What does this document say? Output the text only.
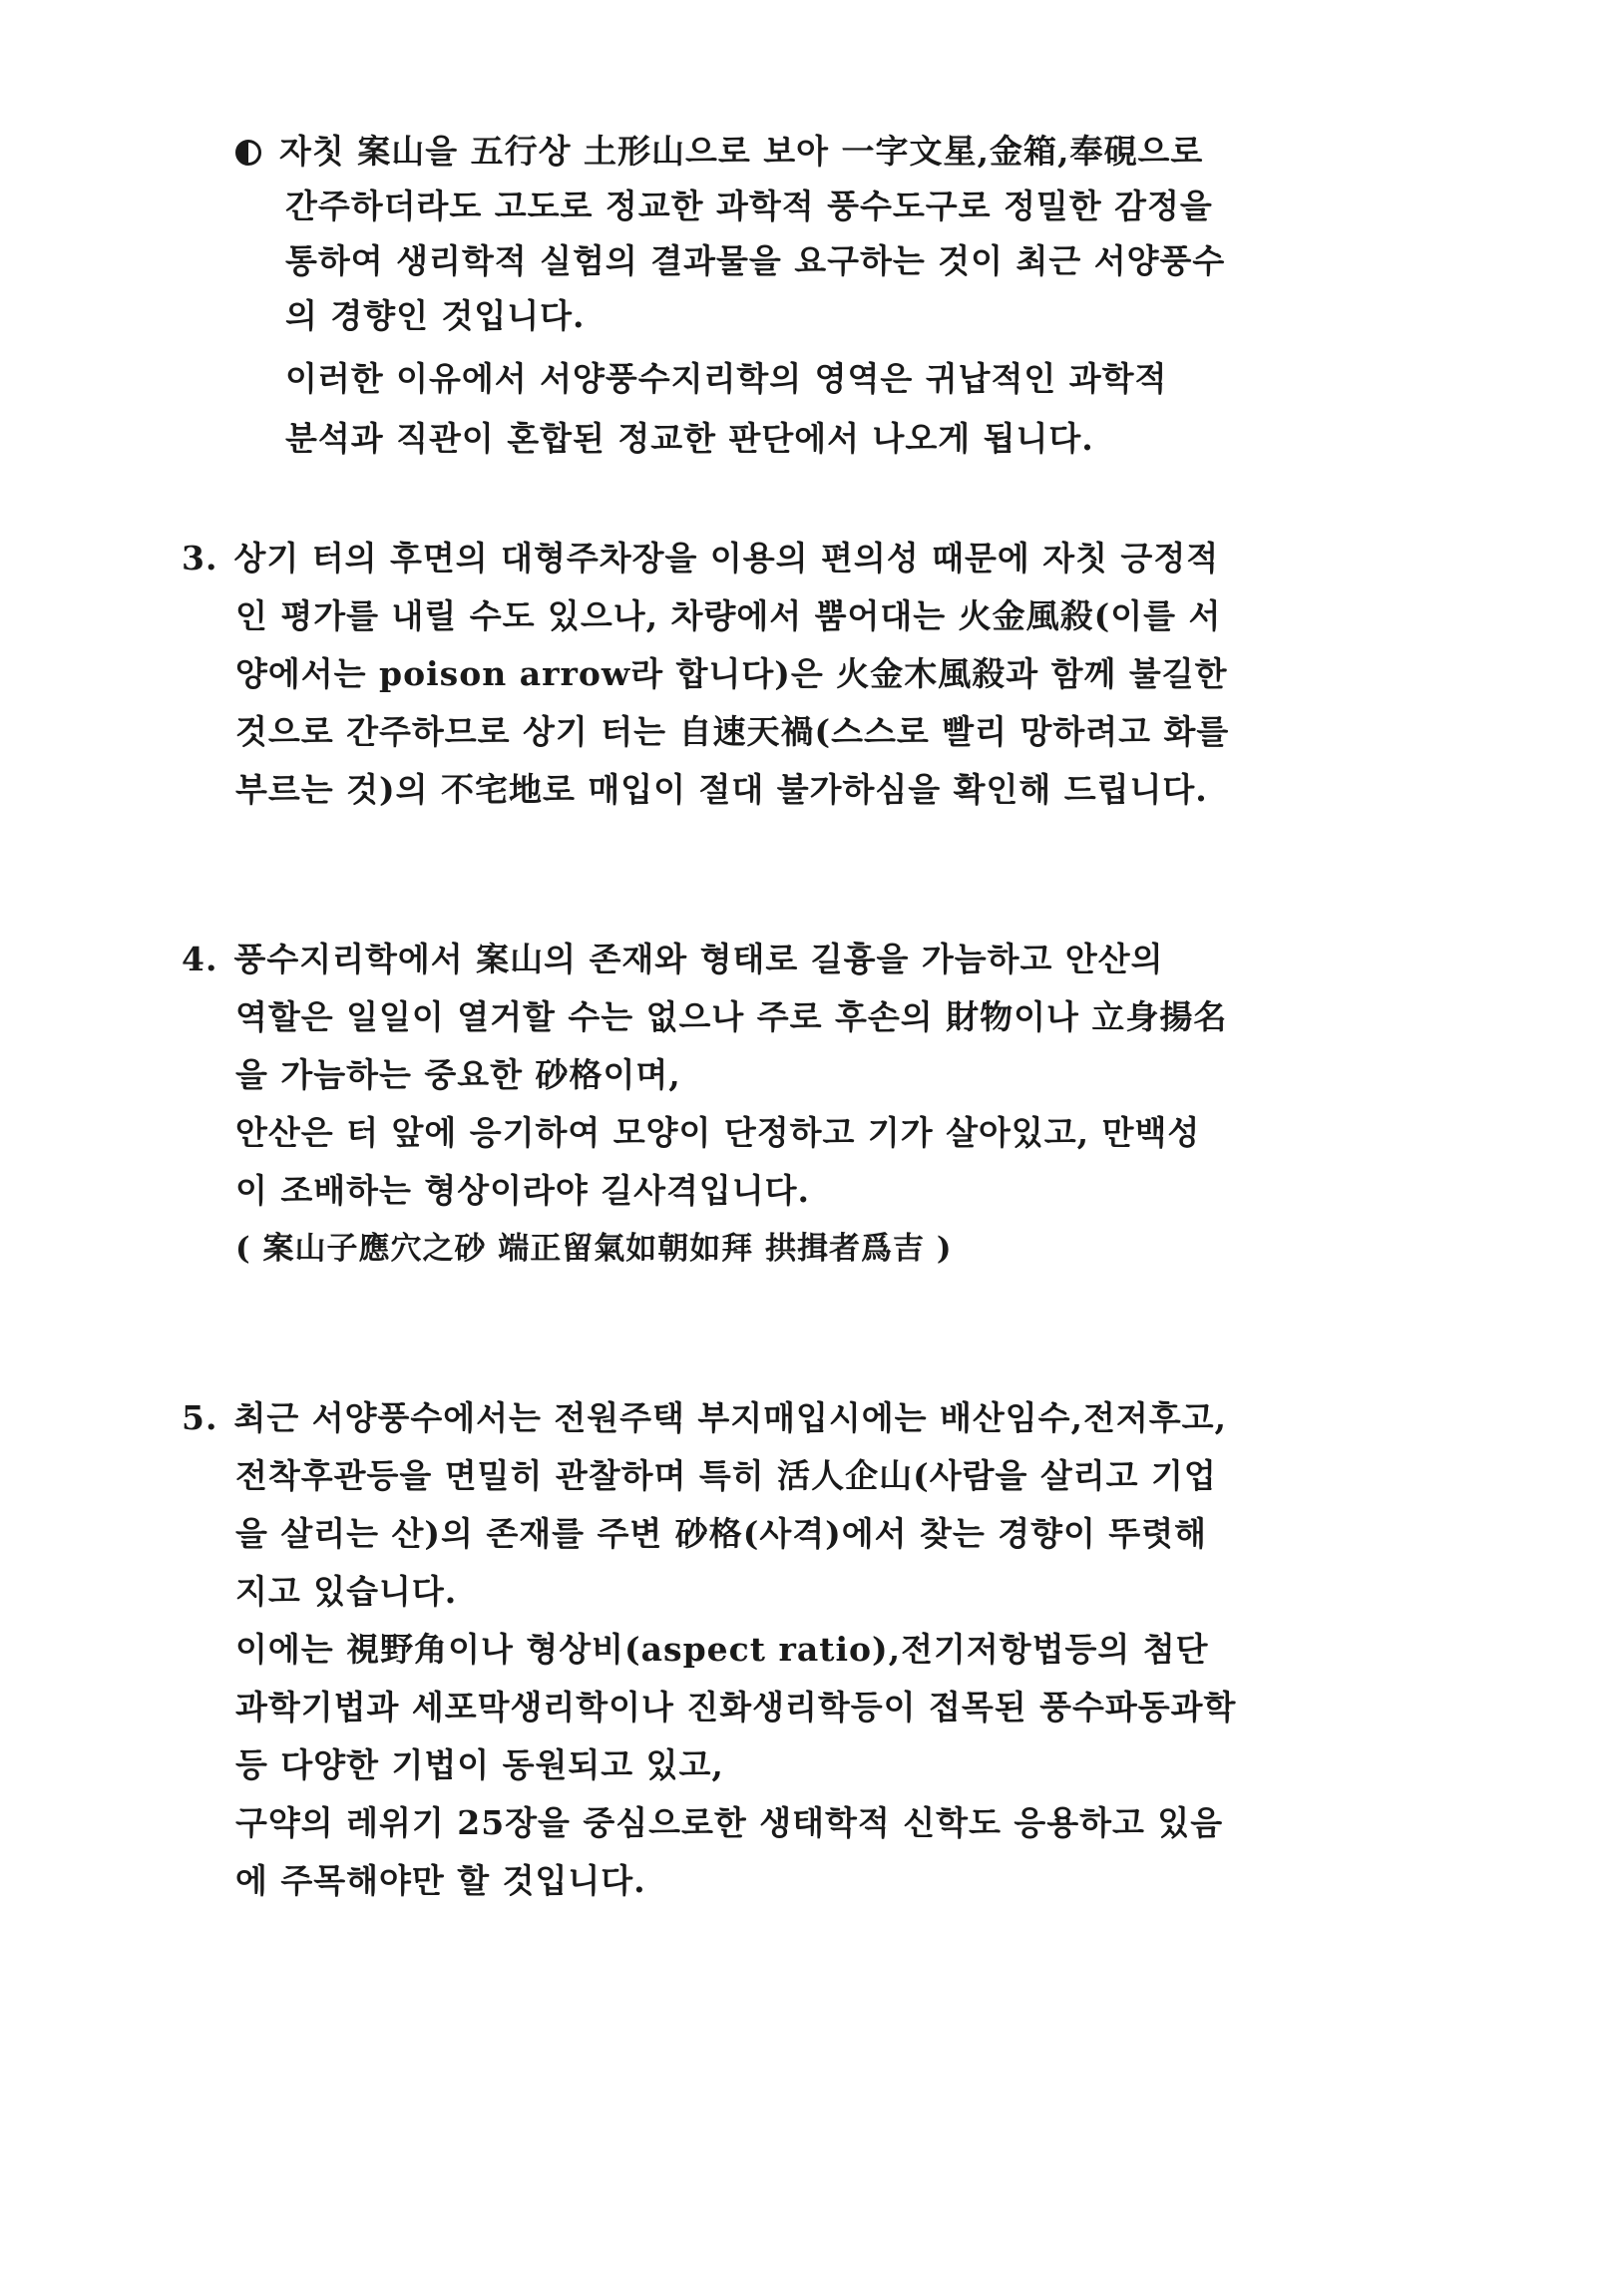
자칫 案山을 五行상 土形山으로 보아 一字文星,金箱,奉硯으로
간주하더라도 고도로 정교한 과학적 풍수도구로 정밀한 감정을
통하여 생리학적 실험의 결과물을 요구하는 것이 최근 서양풍수
의 경향인 것입니다.
이러한 이유에서 서양풍수지리학의 영역은 귀납적인 과학적
분석과 직관이 혼합된 정교한 판단에서 나오게 됩니다.
3. 상기 터의 후면의 대형주차장을 이용의 편의성 때문에 자칫 긍정적
인 평가를 내릴 수도 있으나, 차량에서 뿜어대는 火金風殺(이를 서
양에서는 poison arrow라 합니다)은 火金木風殺과 함께 불길한
것으로 간주하므로 상기 터는 自速天禍(스스로 빨리 망하려고 화를
부르는 것)의 不宅地로 매입이 절대 불가하심을 확인해 드립니다.
4. 풍수지리학에서 案山의 존재와 형태로 길흉을 가늠하고 안산의
역할은 일일이 열거할 수는 없으나 주로 후손의 財物이나 立身揚名
을 가늠하는 중요한 砂格이며,
안산은 터 앞에 응기하여 모양이 단정하고 기가 살아있고, 만백성
이 조배하는 형상이라야 길사격입니다.
( 案山子應穴之砂 端正留氣如朝如拜 拱揖者爲吉 )
5. 최근 서양풍수에서는 전원주택 부지매입시에는 배산임수,전저후고,
전착후관등을 면밀히 관찰하며 특히 活人企山(사람을 살리고 기업
을 살리는 산)의 존재를 주변 砂格(사격)에서 찾는 경향이 뚜렷해
지고 있습니다.
이에는 視野角이나 형상비(aspect ratio),전기저항법등의 첨단
과학기법과 세포막생리학이나 진화생리학등이 접목된 풍수파동과학
등 다양한 기법이 동원되고 있고,
구약의 레위기 25장을 중심으로한 생태학적 신학도 응용하고 있음
에 주목해야만 할 것입니다.
